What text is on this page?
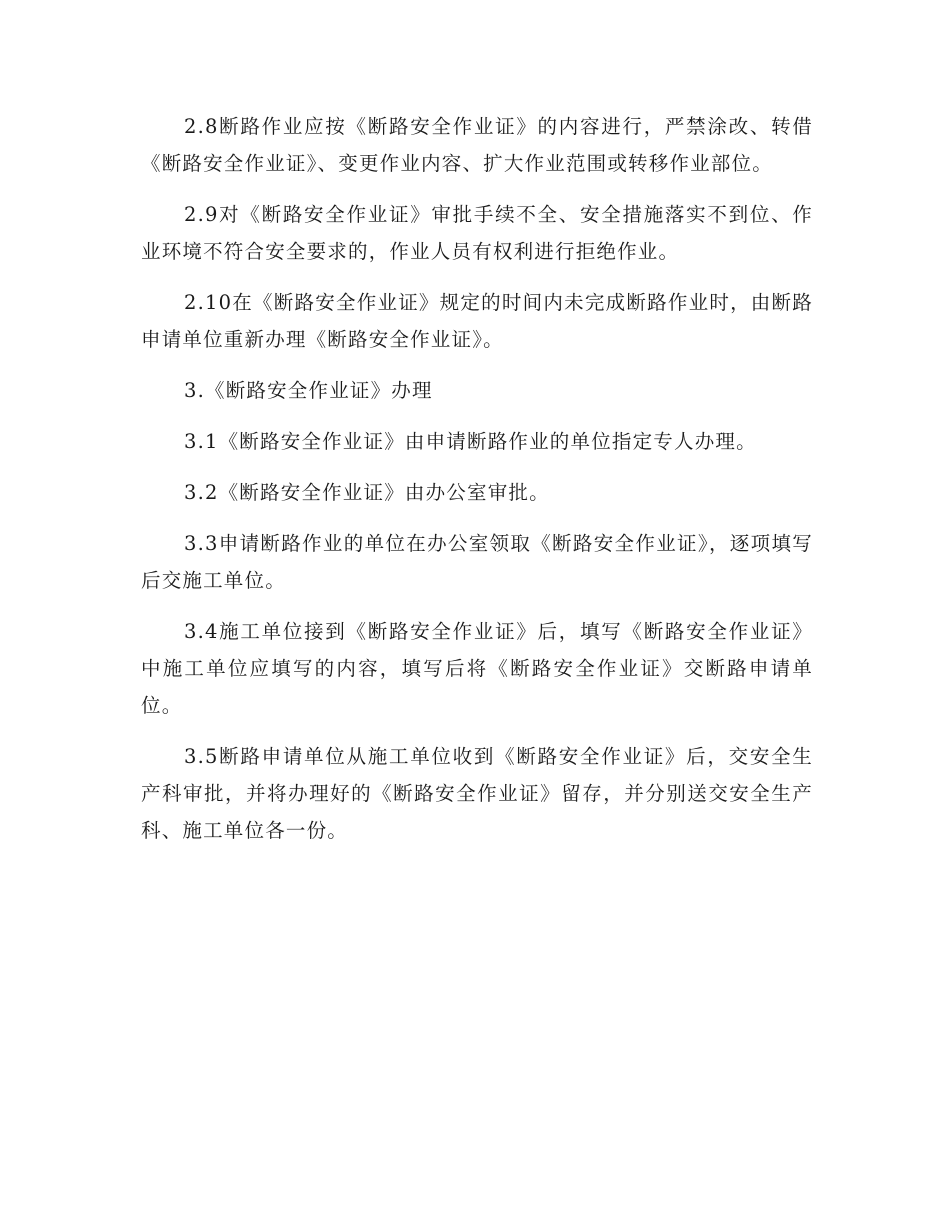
2.8断路作业应按《断路安全作业证》的内容进行，严禁涂改、转借《断路安全作业证》、变更作业内容、扩大作业范围或转移作业部位。

2.9对《断路安全作业证》审批手续不全、安全措施落实不到位、作业环境不符合安全要求的，作业人员有权利进行拒绝作业。

2.10在《断路安全作业证》规定的时间内未完成断路作业时，由断路申请单位重新办理《断路安全作业证》。

3.《断路安全作业证》办理

3.1《断路安全作业证》由申请断路作业的单位指定专人办理。

3.2《断路安全作业证》由办公室审批。

3.3申请断路作业的单位在办公室领取《断路安全作业证》，逐项填写后交施工单位。

3.4施工单位接到《断路安全作业证》后，填写《断路安全作业证》中施工单位应填写的内容，填写后将《断路安全作业证》交断路申请单位。

3.5断路申请单位从施工单位收到《断路安全作业证》后，交安全生产科审批，并将办理好的《断路安全作业证》留存，并分别送交安全生产科、施工单位各一份。
